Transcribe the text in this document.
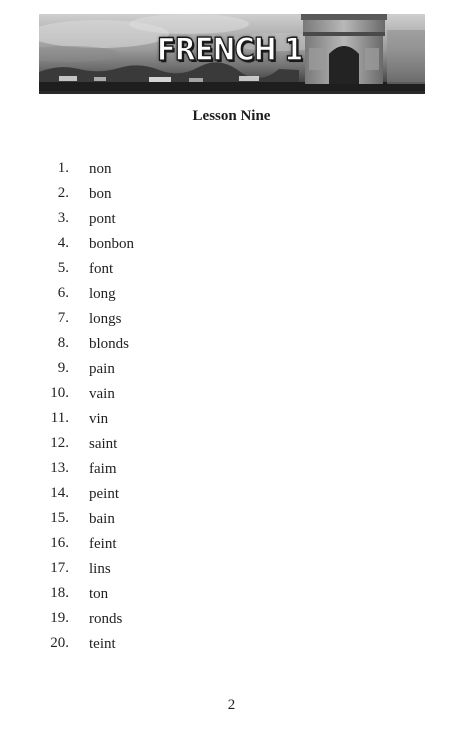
FRENCH 1
Lesson Nine
1. non
2. bon
3. pont
4. bonbon
5. font
6. long
7. longs
8. blonds
9. pain
10. vain
11. vin
12. saint
13. faim
14. peint
15. bain
16. feint
17. lins
18. ton
19. ronds
20. teint
2
